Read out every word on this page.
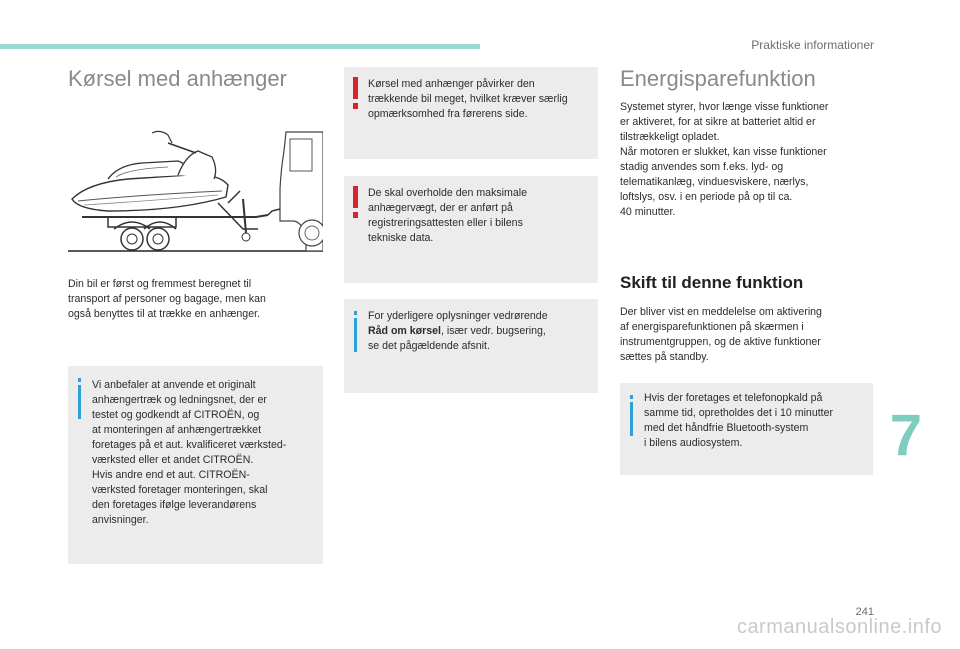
Praktiske informationer
Kørsel med anhænger
Din bil er først og fremmest beregnet til
transport af personer og bagage, men kan
også benyttes til at trække en anhænger.
Vi anbefaler at anvende et originalt
anhængertræk og ledningsnet, der er
testet og godkendt af CITROËN, og
at monteringen af anhængertrækket
foretages på et aut. kvalificeret værksted-
værksted eller et andet CITROËN.
Hvis andre end et aut. CITROËN-
værksted foretager monteringen, skal
den foretages ifølge leverandørens
anvisninger.
Kørsel med anhænger påvirker den
trækkende bil meget, hvilket kræver særlig
opmærksomhed fra førerens side.
De skal overholde den maksimale
anhægervægt, der er anført på
registreringsattesten eller i bilens
tekniske data.
For yderligere oplysninger vedrørende
Råd om kørsel, især vedr. bugsering,
se det pågældende afsnit.
Energisparefunktion
Systemet styrer, hvor længe visse funktioner
er aktiveret, for at sikre at batteriet altid er
tilstrækkeligt opladet.
Når motoren er slukket, kan visse funktioner
stadig anvendes som f.eks. lyd- og
telematikanlæg, vinduesviskere, nærlys,
loftslys, osv. i en periode på op til ca.
40 minutter.
Skift til denne funktion
Der bliver vist en meddelelse om aktivering
af energisparefunktionen på skærmen i
instrumentgruppen, og de aktive funktioner
sættes på standby.
Hvis der foretages et telefonopkald på
samme tid, opretholdes det i 10 minutter
med det håndfrie Bluetooth-system
i bilens audiosystem.	7
241
carmanualsonline.info
